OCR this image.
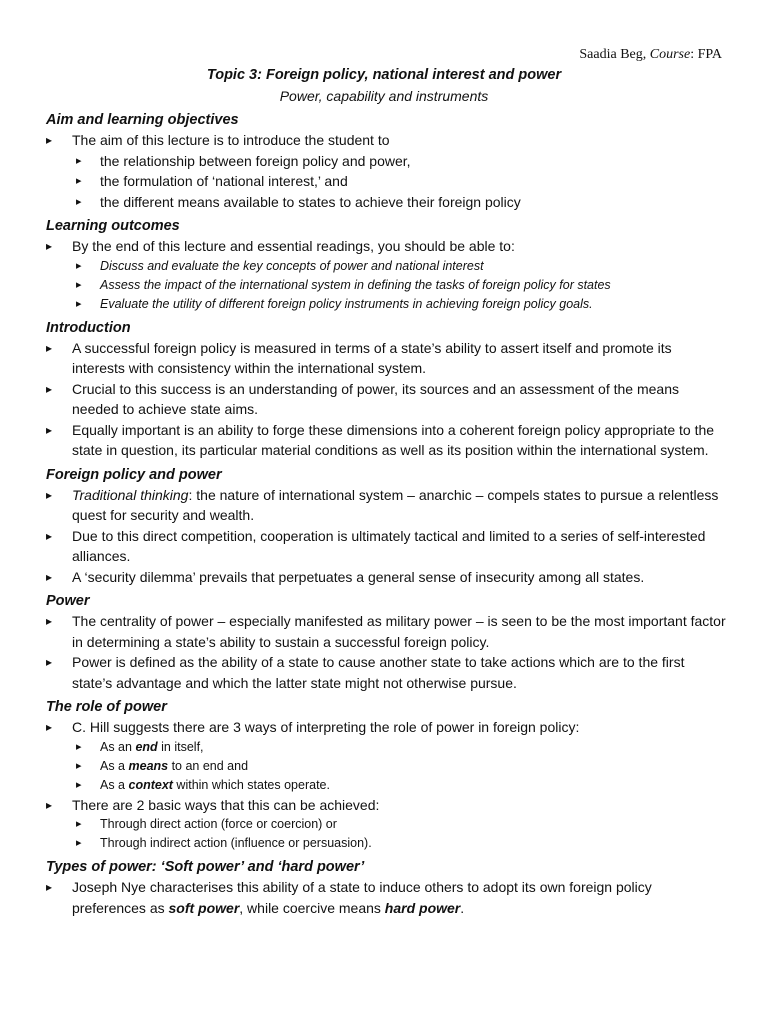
Saadia Beg, Course: FPA
Topic 3: Foreign policy, national interest and power
Power, capability and instruments
Aim and learning objectives
▸ The aim of this lecture is to introduce the student to
▸ the relationship between foreign policy and power,
▸ the formulation of ‘national interest,’ and
▸ the different means available to states to achieve their foreign policy
Learning outcomes
▸ By the end of this lecture and essential readings, you should be able to:
▸ Discuss and evaluate the key concepts of power and national interest
▸ Assess the impact of the international system in defining the tasks of foreign policy for states
▸ Evaluate the utility of different foreign policy instruments in achieving foreign policy goals.
Introduction
▸ A successful foreign policy is measured in terms of a state’s ability to assert itself and promote its interests with consistency within the international system.
▸ Crucial to this success is an understanding of power, its sources and an assessment of the means needed to achieve state aims.
▸ Equally important is an ability to forge these dimensions into a coherent foreign policy appropriate to the state in question, its particular material conditions as well as its position within the international system.
Foreign policy and power
▸ Traditional thinking: the nature of international system – anarchic – compels states to pursue a relentless quest for security and wealth.
▸ Due to this direct competition, cooperation is ultimately tactical and limited to a series of self-interested alliances.
▸ A ‘security dilemma’ prevails that perpetuates a general sense of insecurity among all states.
Power
▸ The centrality of power – especially manifested as military power – is seen to be the most important factor in determining a state’s ability to sustain a successful foreign policy.
▸ Power is defined as the ability of a state to cause another state to take actions which are to the first state’s advantage and which the latter state might not otherwise pursue.
The role of power
▸ C. Hill suggests there are 3 ways of interpreting the role of power in foreign policy:
▸ As an end in itself,
▸ As a means to an end and
▸ As a context within which states operate.
▸ There are 2 basic ways that this can be achieved:
▸ Through direct action (force or coercion) or
▸ Through indirect action (influence or persuasion).
Types of power: ‘Soft power’ and ‘hard power’
▸ Joseph Nye characterises this ability of a state to induce others to adopt its own foreign policy preferences as soft power, while coercive means hard power.
